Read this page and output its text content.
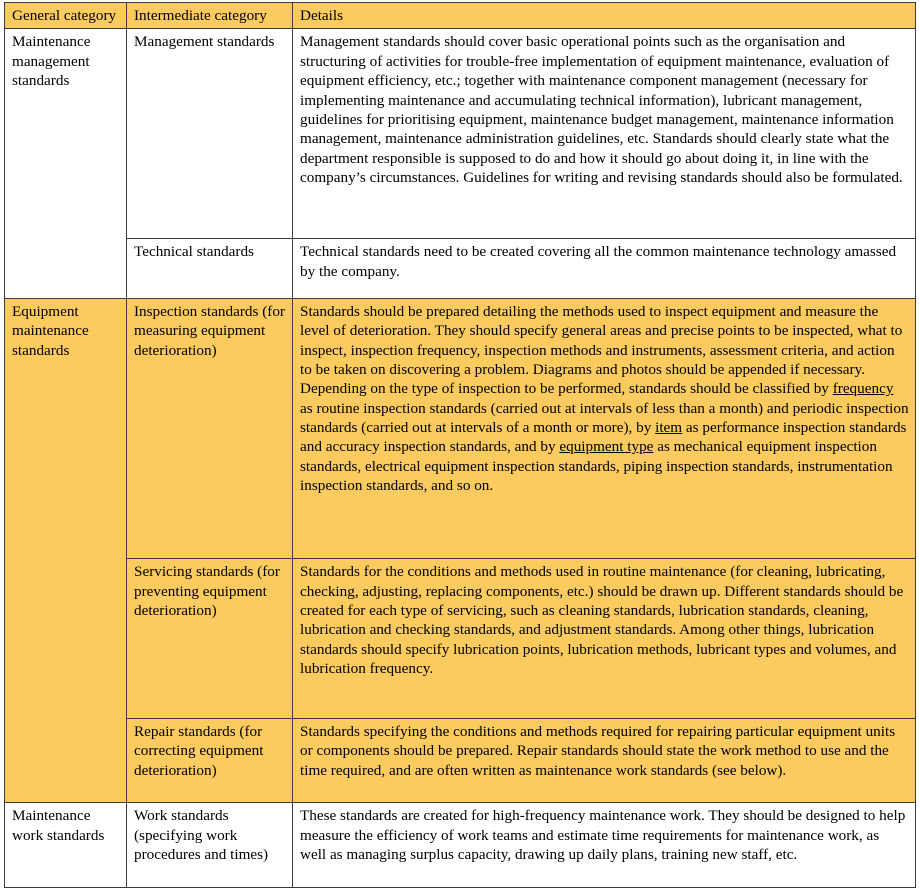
General category	Intermediate category	Details
Maintenance management standards	Management standards	Management standards should cover basic operational points such as the organisation and structuring of activities for trouble-free implementation of equipment maintenance, evaluation of equipment efficiency, etc.; together with maintenance component management (necessary for implementing maintenance and accumulating technical information), lubricant management, guidelines for prioritising equipment, maintenance budget management, maintenance information management, maintenance administration guidelines, etc. Standards should clearly state what the department responsible is supposed to do and how it should go about doing it, in line with the company’s circumstances. Guidelines for writing and revising standards should also be formulated.
	Technical standards	Technical standards need to be created covering all the common maintenance technology amassed by the company.
Equipment maintenance standards	Inspection standards (for measuring equipment deterioration)	Standards should be prepared detailing the methods used to inspect equipment and measure the level of deterioration. They should specify general areas and precise points to be inspected, what to inspect, inspection frequency, inspection methods and instruments, assessment criteria, and action to be taken on discovering a problem. Diagrams and photos should be appended if necessary. Depending on the type of inspection to be performed, standards should be classified by frequency as routine inspection standards (carried out at intervals of less than a month) and periodic inspection standards (carried out at intervals of a month or more), by item as performance inspection standards and accuracy inspection standards, and by equipment type as mechanical equipment inspection standards, electrical equipment inspection standards, piping inspection standards, instrumentation inspection standards, and so on.
	Servicing standards (for preventing equipment deterioration)	Standards for the conditions and methods used in routine maintenance (for cleaning, lubricating, checking, adjusting, replacing components, etc.) should be drawn up. Different standards should be created for each type of servicing, such as cleaning standards, lubrication standards, cleaning, lubrication and checking standards, and adjustment standards. Among other things, lubrication standards should specify lubrication points, lubrication methods, lubricant types and volumes, and lubrication frequency.
	Repair standards (for correcting equipment deterioration)	Standards specifying the conditions and methods required for repairing particular equipment units or components should be prepared. Repair standards should state the work method to use and the time required, and are often written as maintenance work standards (see below).
Maintenance work standards	Work standards (specifying work procedures and times)	These standards are created for high-frequency maintenance work. They should be designed to help measure the efficiency of work teams and estimate time requirements for maintenance work, as well as managing surplus capacity, drawing up daily plans, training new staff, etc.
